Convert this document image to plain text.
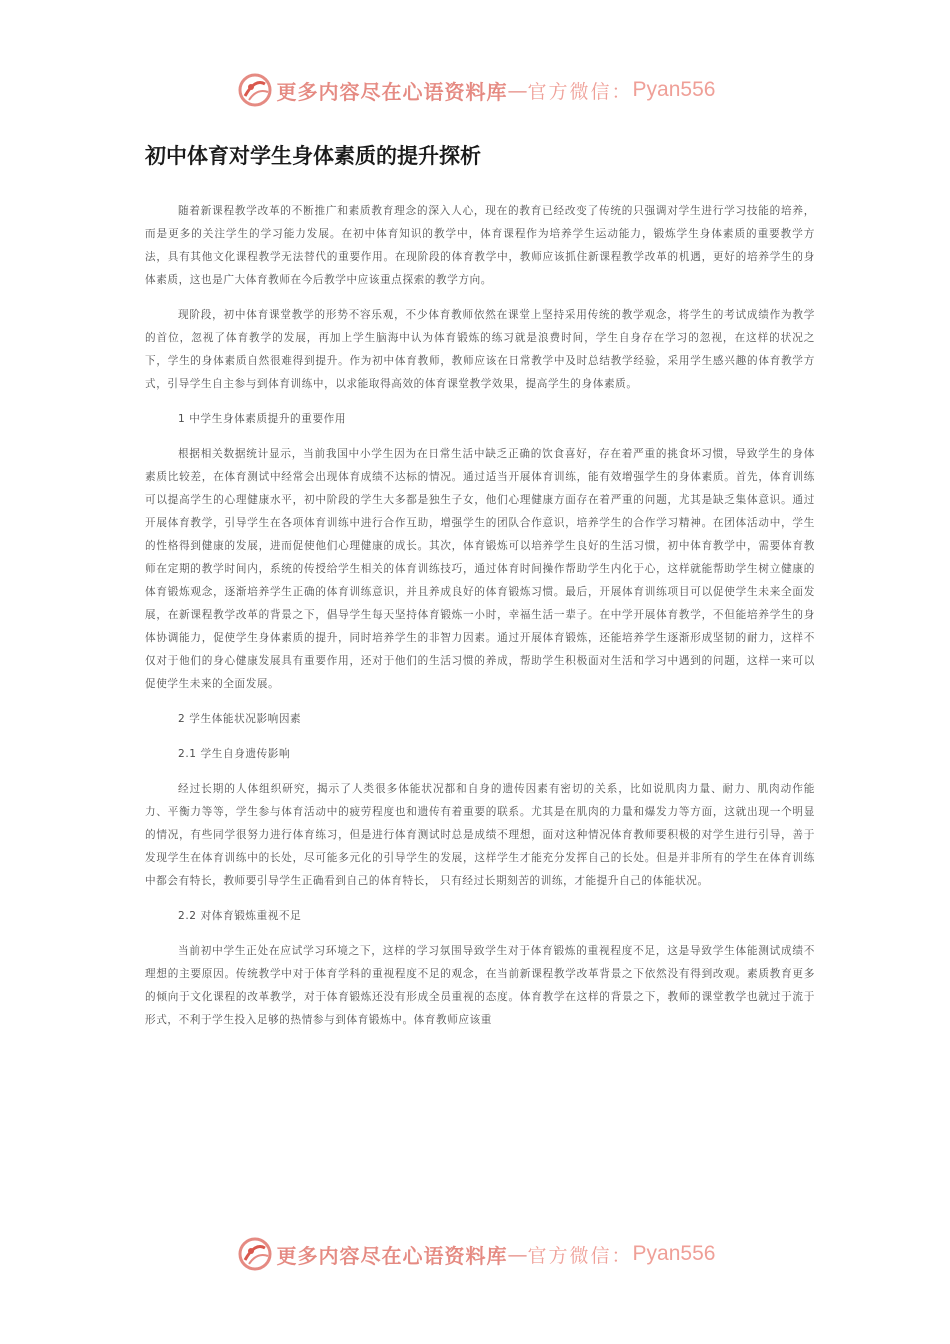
更多内容尽在心语资料库 — 官方微信： Pyan556
初中体育对学生身体素质的提升探析

随着新课程教学改革的不断推广和素质教育理念的深入人心，现在的教育已经改变了传统的只强调对学生进行学习技能的培养，而是更多的关注学生的学习能力发展。在初中体育知识的教学中，体育课程作为培养学生运动能力，锻炼学生身体素质的重要教学方法，具有其他文化课程教学无法替代的重要作用。在现阶段的体育教学中，教师应该抓住新课程教学改革的机遇，更好的培养学生的身体素质，这也是广大体育教师在今后教学中应该重点探索的教学方向。

现阶段，初中体育课堂教学的形势不容乐观，不少体育教师依然在课堂上坚持采用传统的教学观念，将学生的考试成绩作为教学的首位，忽视了体育教学的发展，再加上学生脑海中认为体育锻炼的练习就是浪费时间，学生自身存在学习的忽视，在这样的状况之下，学生的身体素质自然很难得到提升。作为初中体育教师，教师应该在日常教学中及时总结教学经验，采用学生感兴趣的体育教学方式，引导学生自主参与到体育训练中，以求能取得高效的体育课堂教学效果，提高学生的身体素质。

1 中学生身体素质提升的重要作用

根据相关数据统计显示，当前我国中小学生因为在日常生活中缺乏正确的饮食喜好，存在着严重的挑食坏习惯，导致学生的身体素质比较差，在体育测试中经常会出现体育成绩不达标的情况。通过适当开展体育训练，能有效增强学生的身体素质。首先，体育训练可以提高学生的心理健康水平，初中阶段的学生大多都是独生子女，他们心理健康方面存在着严重的问题，尤其是缺乏集体意识。通过开展体育教学，引导学生在各项体育训练中进行合作互助，增强学生的团队合作意识，培养学生的合作学习精神。在团体活动中，学生的性格得到健康的发展，进而促使他们心理健康的成长。其次，体育锻炼可以培养学生良好的生活习惯，初中体育教学中，需要体育教师在定期的教学时间内，系统的传授给学生相关的体育训练技巧，通过体育时间操作帮助学生内化于心，这样就能帮助学生树立健康的体育锻炼观念，逐渐培养学生正确的体育训练意识，并且养成良好的体育锻炼习惯。最后，开展体育训练项目可以促使学生未来全面发展，在新课程教学改革的背景之下，倡导学生每天坚持体育锻炼一小时，幸福生活一辈子。在中学开展体育教学，不但能培养学生的身体协调能力，促使学生身体素质的提升，同时培养学生的非智力因素。通过开展体育锻炼，还能培养学生逐渐形成坚韧的耐力，这样不仅对于他们的身心健康发展具有重要作用，还对于他们的生活习惯的养成，帮助学生积极面对生活和学习中遇到的问题，这样一来可以促使学生未来的全面发展。

2 学生体能状况影响因素
2.1 学生自身遗传影响

经过长期的人体组织研究，揭示了人类很多体能状况都和自身的遗传因素有密切的关系，比如说肌肉力量、耐力、肌肉动作能力、平衡力等等，学生参与体育活动中的疲劳程度也和遗传有着重要的联系。尤其是在肌肉的力量和爆发力等方面，这就出现一个明显的情况，有些同学很努力进行体育练习，但是进行体育测试时总是成绩不理想，面对这种情况体育教师要积极的对学生进行引导，善于发现学生在体育训练中的长处，尽可能多元化的引导学生的发展，这样学生才能充分发挥自己的长处。但是并非所有的学生在体育训练中都会有特长，教师要引导学生正确看到自己的体育特长， 只有经过长期刻苦的训练，才能提升自己的体能状况。

2.2 对体育锻炼重视不足

当前初中学生正处在应试学习环境之下，这样的学习氛围导致学生对于体育锻炼的重视程度不足，这是导致学生体能测试成绩不理想的主要原因。传统教学中对于体育学科的重视程度不足的观念，在当前新课程教学改革背景之下依然没有得到改观。素质教育更多的倾向于文化课程的改革教学，对于体育锻炼还没有形成全员重视的态度。体育教学在这样的背景之下，教师的课堂教学也就过于流于形式，不利于学生投入足够的热情参与到体育锻炼中。体育教师应该重

更多内容尽在心语资料库 — 官方微信： Pyan556
